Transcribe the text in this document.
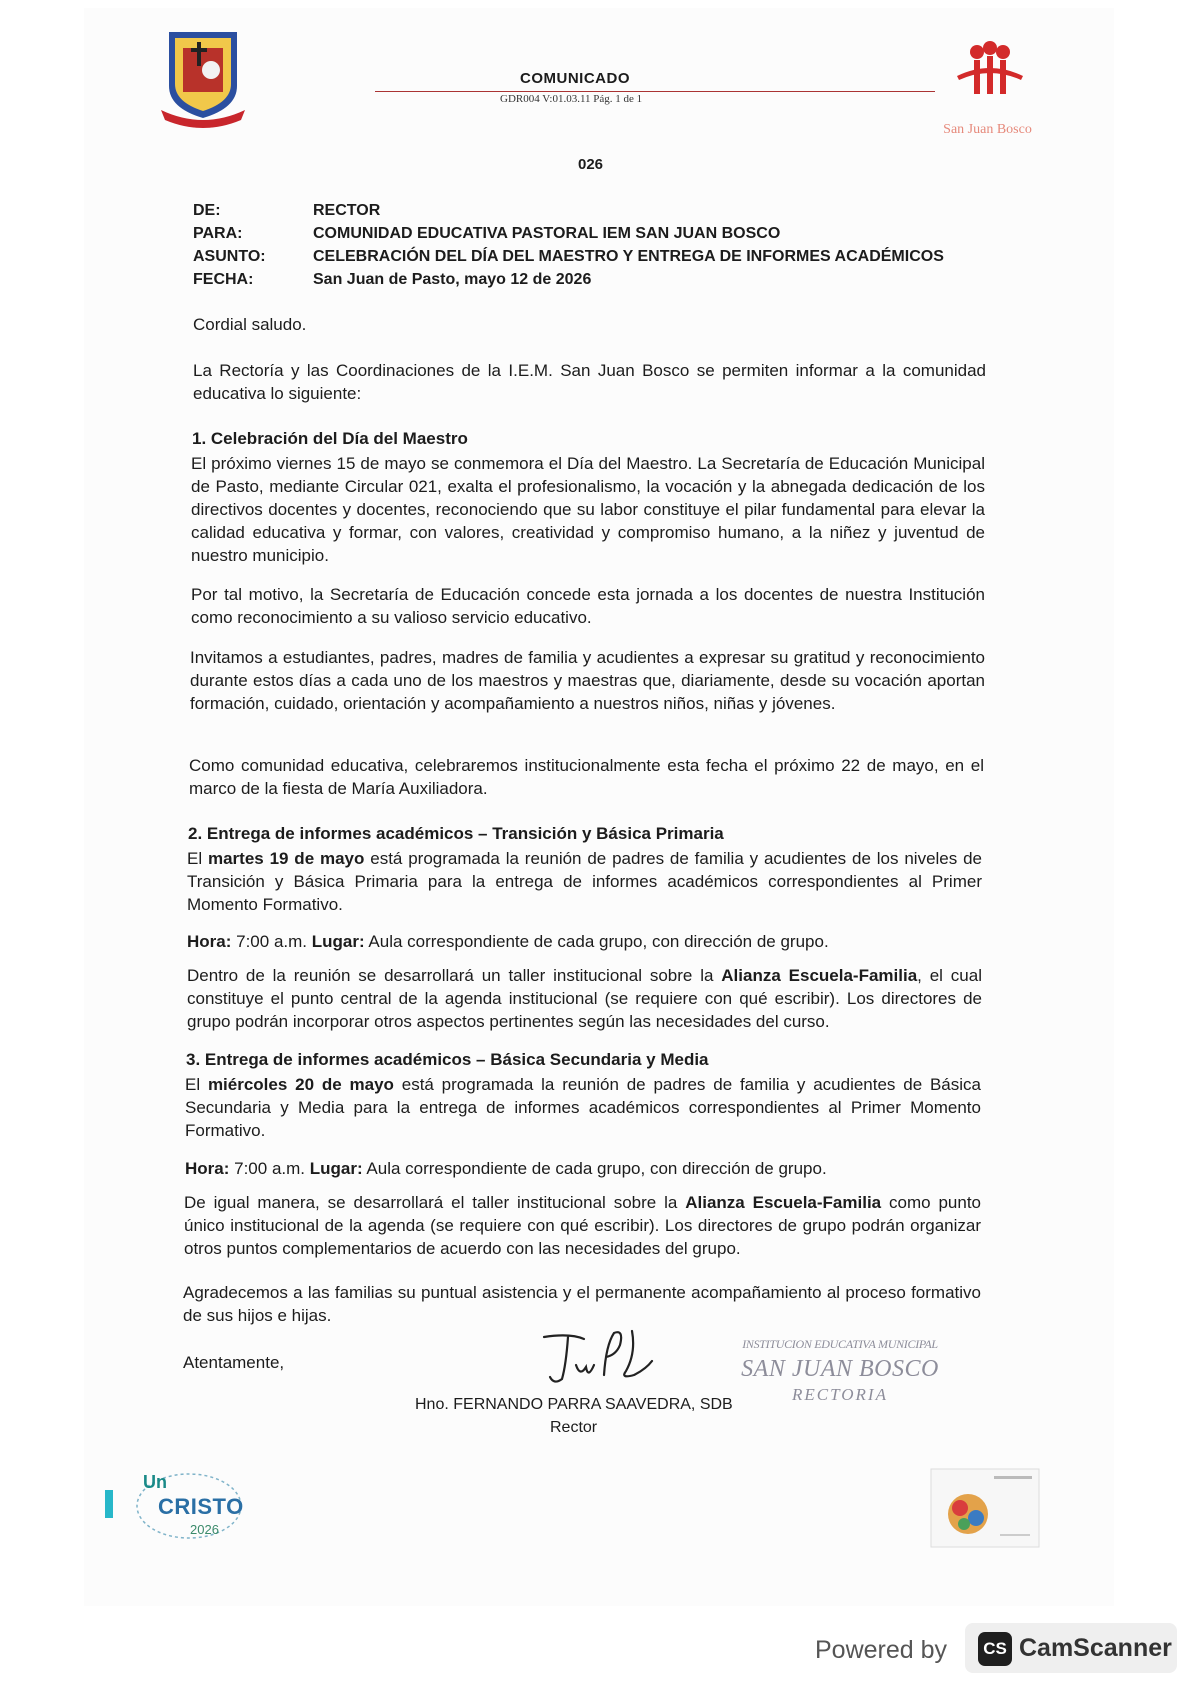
COMUNICADO
GDR004 V:01.03.11 Pág. 1 de 1
San Juan Bosco
026
DE:	RECTOR
PARA:	COMUNIDAD EDUCATIVA PASTORAL IEM SAN JUAN BOSCO
ASUNTO:	CELEBRACIÓN DEL DÍA DEL MAESTRO Y ENTREGA DE INFORMES ACADÉMICOS
FECHA:	San Juan de Pasto, mayo 12 de 2026
Cordial saludo.
La Rectoría y las Coordinaciones de la I.E.M. San Juan Bosco se permiten informar a la comunidad educativa lo siguiente:
1. Celebración del Día del Maestro
El próximo viernes 15 de mayo se conmemora el Día del Maestro. La Secretaría de Educación Municipal de Pasto, mediante Circular 021, exalta el profesionalismo, la vocación y la abnegada dedicación de los directivos docentes y docentes, reconociendo que su labor constituye el pilar fundamental para elevar la calidad educativa y formar, con valores, creatividad y compromiso humano, a la niñez y juventud de nuestro municipio.
Por tal motivo, la Secretaría de Educación concede esta jornada a los docentes de nuestra Institución como reconocimiento a su valioso servicio educativo.
Invitamos a estudiantes, padres, madres de familia y acudientes a expresar su gratitud y reconocimiento durante estos días a cada uno de los maestros y maestras que, diariamente, desde su vocación aportan formación, cuidado, orientación y acompañamiento a nuestros niños, niñas y jóvenes.
Como comunidad educativa, celebraremos institucionalmente esta fecha el próximo 22 de mayo, en el marco de la fiesta de María Auxiliadora.
2. Entrega de informes académicos – Transición y Básica Primaria
El martes 19 de mayo está programada la reunión de padres de familia y acudientes de los niveles de Transición y Básica Primaria para la entrega de informes académicos correspondientes al Primer Momento Formativo.
Hora: 7:00 a.m. Lugar: Aula correspondiente de cada grupo, con dirección de grupo.
Dentro de la reunión se desarrollará un taller institucional sobre la Alianza Escuela-Familia, el cual constituye el punto central de la agenda institucional (se requiere con qué escribir). Los directores de grupo podrán incorporar otros aspectos pertinentes según las necesidades del curso.
3. Entrega de informes académicos – Básica Secundaria y Media
El miércoles 20 de mayo está programada la reunión de padres de familia y acudientes de Básica Secundaria y Media para la entrega de informes académicos correspondientes al Primer Momento Formativo.
Hora: 7:00 a.m. Lugar: Aula correspondiente de cada grupo, con dirección de grupo.
De igual manera, se desarrollará el taller institucional sobre la Alianza Escuela-Familia como punto único institucional de la agenda (se requiere con qué escribir). Los directores de grupo podrán organizar otros puntos complementarios de acuerdo con las necesidades del grupo.
Agradecemos a las familias su puntual asistencia y el permanente acompañamiento al proceso formativo de sus hijos e hijas.
Atentamente,
Hno. FERNANDO PARRA SAAVEDRA, SDB
Rector
INSTITUCION EDUCATIVA MUNICIPAL
SAN JUAN BOSCO
RECTORIA
Un
CRISTO
2026
Powered by	CS CamScanner
